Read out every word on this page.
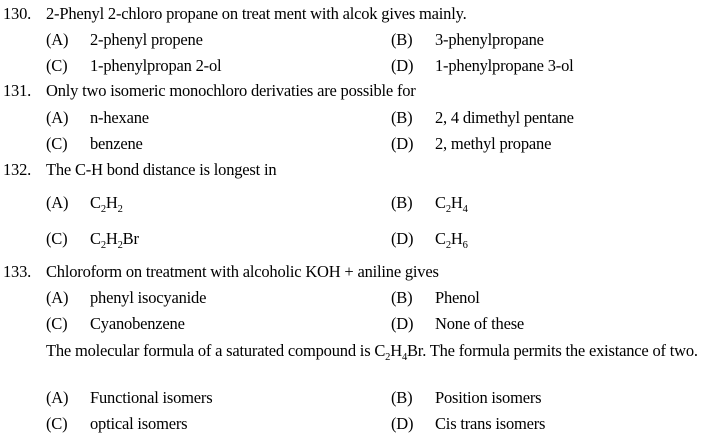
130. 2-Phenyl 2-chloro propane on treat ment with alcok gives mainly.
(A) 2-phenyl propene	(B) 3-phenylpropane
(C) 1-phenylpropan 2-ol	(D) 1-phenylpropane 3-ol
131. Only two isomeric monochloro derivaties are possible for
(A) n-hexane	(B) 2, 4 dimethyl pentane
(C) benzene	(D) 2, methyl propane
132. The C-H bond distance is longest in
(A) $C_2H_2$	(B) $C_2H_4$
(C) $C_2H_2Br$	(D) $C_2H_6$
133. Chloroform on treatment with alcoholic KOH + aniline gives
(A) phenyl isocyanide	(B) Phenol
(C) Cyanobenzene	(D) None of these
The molecular formula of a saturated compound is $C_2H_4Br$. The formula permits the existance of two.
(A) Functional isomers	(B) Position isomers
(C) optical isomers	(D) Cis trans isomers
